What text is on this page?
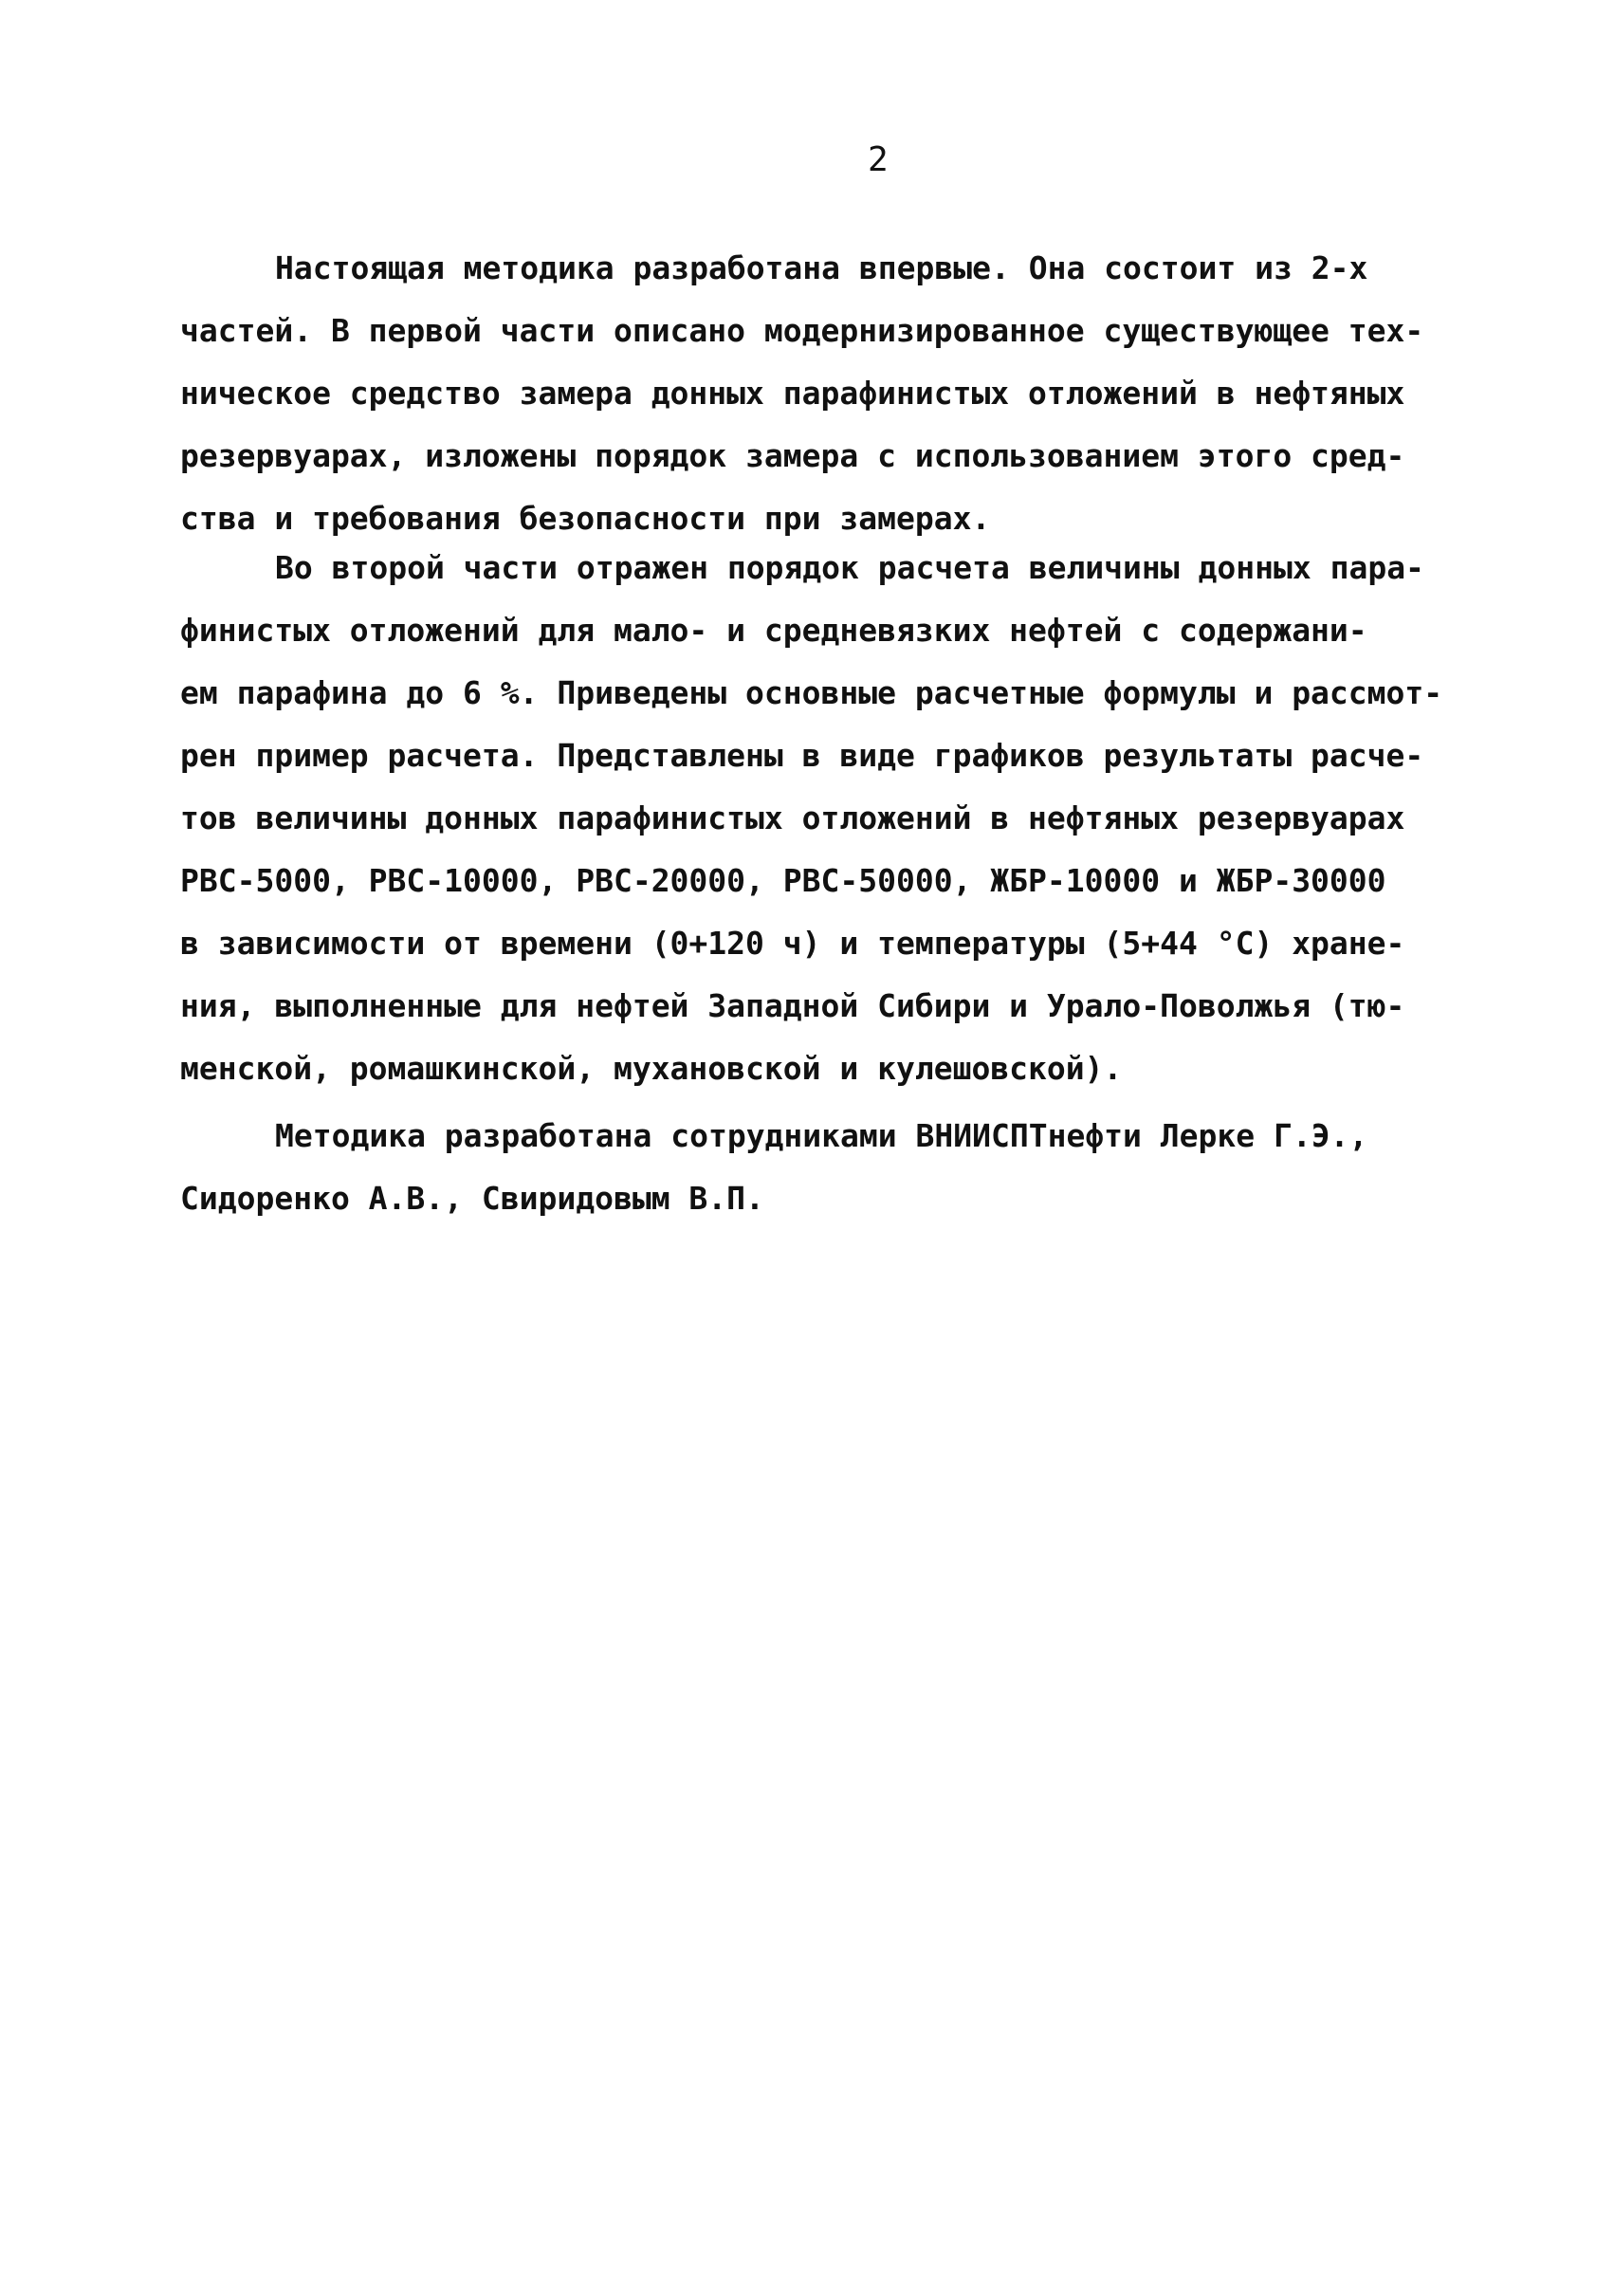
2
Настоящая методика разработана впервые. Она состоит из 2-х
частей. В первой части описано модернизированное существующее тех-
ническое средство замера донных парафинистых отложений в нефтяных
резервуарах, изложены порядок замера с использованием этого сред-
ства и требования безопасности при замерах.
Во второй части отражен порядок расчета величины донных пара-
финистых отложений для мало- и средневязких нефтей с содержани-
ем парафина до 6 %. Приведены основные расчетные формулы и рассмот-
рен пример расчета. Представлены в виде графиков результаты расче-
тов величины донных парафинистых отложений в нефтяных резервуарах
РВС-5000, РВС-10000, РВС-20000, РВС-50000, ЖБР-10000 и ЖБР-30000
в зависимости от времени (0+120 ч) и температуры (5+44 °С) хране-
ния, выполненные для нефтей Западной Сибири и Урало-Поволжья (тю-
менской, ромашкинской, мухановской и кулешовской).
Методика разработана сотрудниками ВНИИСПТнефти Лерке Г.Э.,
Сидоренко А.В., Свиридовым В.П.
